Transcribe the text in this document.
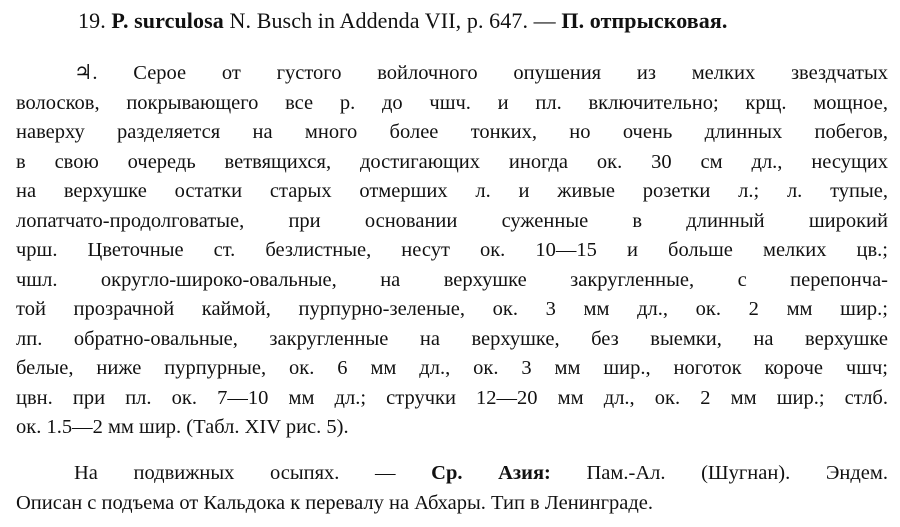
19. P. surculosa N. Busch in Addenda VII, p. 647. — П. отпрысковая.
♃. Серое от густого войлочного опушения из мелких звездчатых
волосков, покрывающего все р. до чшч. и пл. включительно; крщ. мощное,
наверху разделяется на много более тонких, но очень длинных побегов,
в свою очередь ветвящихся, достигающих иногда ок. 30 см дл., несущих
на верхушке остатки старых отмерших л. и живые розетки л.; л. тупые,
лопатчато-продолговатые, при основании суженные в длинный широкий
чрш. Цветочные ст. безлистные, несут ок. 10—15 и больше мелких цв.;
чшл. округло-широко-овальные, на верхушке закругленные, с перепонча-
той прозрачной каймой, пурпурно-зеленые, ок. 3 мм дл., ок. 2 мм шир.;
лп. обратно-овальные, закругленные на верхушке, без выемки, на верхушке
белые, ниже пурпурные, ок. 6 мм дл., ок. 3 мм шир., ноготок короче чшч;
цвн. при пл. ок. 7—10 мм дл.; стручки 12—20 мм дл., ок. 2 мм шир.; стлб.
ок. 1.5—2 мм шир. (Табл. XIV рис. 5).
На подвижных осыпях. — Ср. Азия: Пам.-Ал. (Шугнан). Эндем.
Описан с подъема от Кальдока к перевалу на Абхары. Тип в Ленинграде.
